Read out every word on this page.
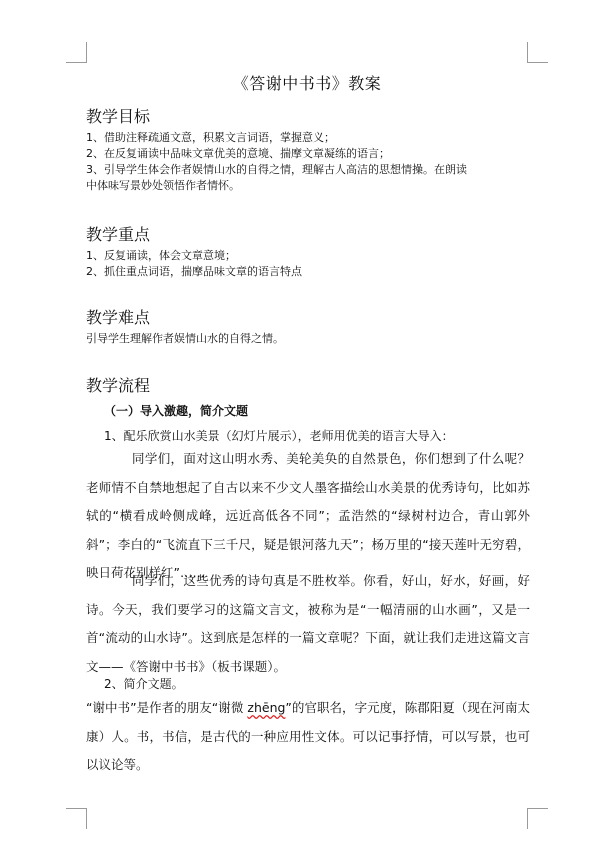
《答谢中书书》教案
教学目标
1、借助注释疏通文意，积累文言词语，掌握意义；
2、在反复诵读中品味文章优美的意境、揣摩文章凝练的语言；
3、引导学生体会作者娱情山水的自得之情，理解古人高洁的思想情操。在朗读
中体味写景妙处领悟作者情怀。
教学重点
1、反复诵读，体会文章意境；
2、抓住重点词语，揣摩品味文章的语言特点
教学难点
引导学生理解作者娱情山水的自得之情。
教学流程
（一）导入激趣，简介文题
1、配乐欣赏山水美景（幻灯片展示），老师用优美的语言大导入：
同学们，面对这山明水秀、美轮美奂的自然景色，你们想到了什么呢？老师情不自禁地想起了自古以来不少文人墨客描绘山水美景的优秀诗句，比如苏轼的“横看成岭侧成峰，远近高低各不同”；孟浩然的“绿树村边合，青山郭外斜”；李白的“飞流直下三千尺，疑是银河落九天”；杨万里的“接天莲叶无穷碧，映日荷花别样红”……
同学们，这些优秀的诗句真是不胜枚举。你看，好山，好水，好画，好诗。今天，我们要学习的这篇文言文，被称为是“一幅清丽的山水画”，又是一首“流动的山水诗”。这到底是怎样的一篇文章呢？下面，就让我们走进这篇文言文——《答谢中书书》（板书课题）。
2、简介文题。
“谢中书”是作者的朋友“谢微 zhēng”的官职名，字元度，陈郡阳夏（现在河南太康）人。书，书信，是古代的一种应用性文体。可以记事抒情，可以写景，也可以议论等。
